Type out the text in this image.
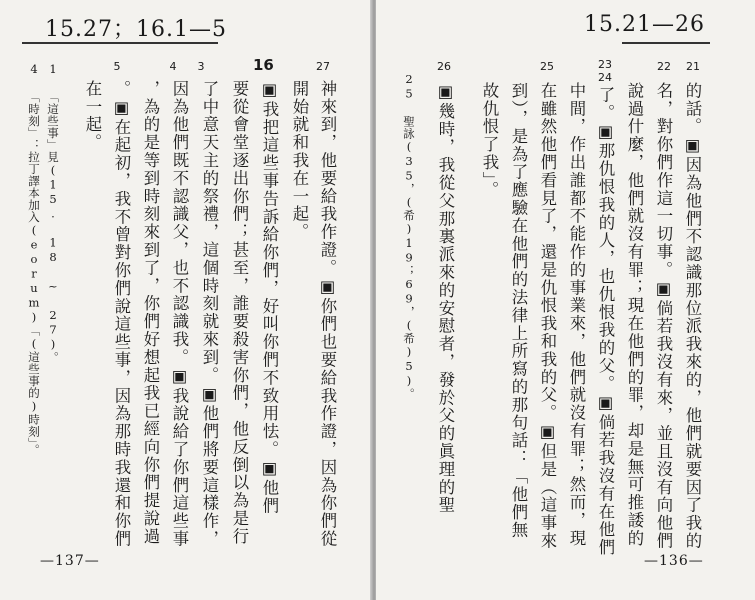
15.27；16.1—5
16	27
5	4	3
神來到，他要給我作證。▣你們也要給我作證，因為你們從
開始就和我在一起。
▣我把這些事告訴給你們，好叫你們不致用怯。▣他們
要從會堂逐出你們；甚至，誰要殺害你們，他反倒以為是行
了中意天主的祭禮，這個時刻就來到。▣他們將要這樣作，
因為他們既不認識父，也不認識我。▣我說給了你們這些事
，為的是等到時刻來到了，你們好想起我已經向你們提說過
。▣在起初，我不曾對你們說這些事，因為那時我還和你們
在一起。
1 「這些事」見(15. 18 ~ 27)。
4 「時刻」：拉丁譯本加入(eorum)「(這些事的)時刻」。
—137—
15.21—26
21
22
23
24
25
26
的話。▣因為他們不認識那位派我來的，他們就要因了我的
名，對你們作這一切事。▣倘若我沒有來，並且沒有向他們
說過什麼，他們就沒有罪；現在他們的罪，却是無可推諉的
了。▣那仇恨我的人，也仇恨我的父。▣倘若我沒有在他們
中間，作出誰都不能作的事業來，他們就沒有罪；然而，現
在雖然他們看見了，還是仇恨我和我的父。▣但是（這事來
到），是為了應驗在他們的法律上所寫的那句話：「他們無
故仇恨了我」。
▣幾時，我從父那裏派來的安慰者，發於父的眞理的聖
25 聖詠(35，(希)19；69，(希)5)。
—136—
